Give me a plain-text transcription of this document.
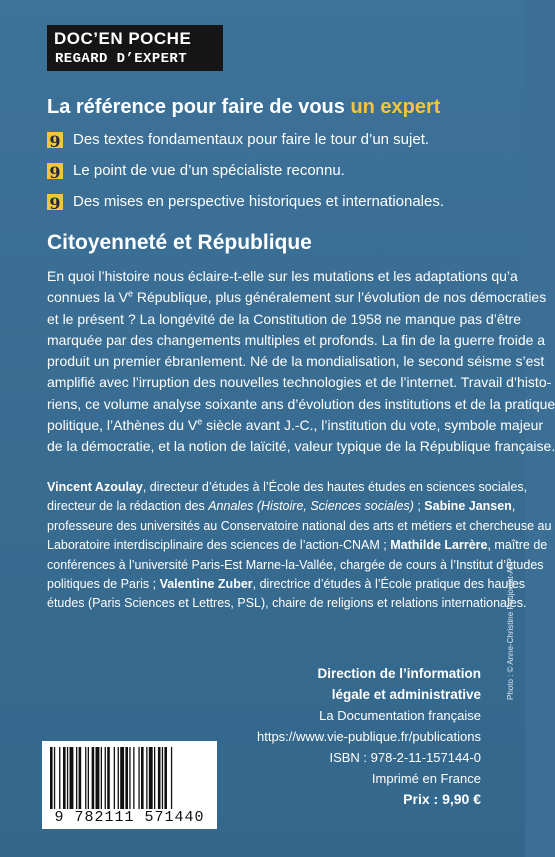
DOC’EN POCHE
REGARD D’EXPERT
La référence pour faire de vous un expert
9 Des textes fondamentaux pour faire le tour d’un sujet.
9 Le point de vue d’un spécialiste reconnu.
9 Des mises en perspective historiques et internationales.
Citoyenneté et République
En quoi l’histoire nous éclaire-t-elle sur les mutations et les adaptations qu’a
connues la Ve République, plus généralement sur l’évolution de nos démocraties
et le présent ? La longévité de la Constitution de 1958 ne manque pas d’être
marquée par des changements multiples et profonds. La fin de la guerre froide a
produit un premier ébranlement. Né de la mondialisation, le second séisme s’est
amplifié avec l’irruption des nouvelles technologies et de l’internet. Travail d’histo-
riens, ce volume analyse soixante ans d’évolution des institutions et de la pratique
politique, l’Athènes du Ve siècle avant J.-C., l’institution du vote, symbole majeur
de la démocratie, et la notion de laïcité, valeur typique de la République française.
Vincent Azoulay, directeur d’études à l’École des hautes études en sciences sociales,
directeur de la rédaction des Annales (Histoire, Sciences sociales) ; Sabine Jansen,
professeure des universités au Conservatoire national des arts et métiers et chercheuse au
Laboratoire interdisciplinaire des sciences de l’action-CNAM ; Mathilde Larrère, maître de
conférences à l’université Paris-Est Marne-la-Vallée, chargée de cours à l’Institut d’études
politiques de Paris ; Valentine Zuber, directrice d’études à l’École pratique des hautes
études (Paris Sciences et Lettres, PSL), chaire de religions et relations internationales.
Direction de l’information
légale et administrative
La Documentation française
https://www.vie-publique.fr/publications
ISBN : 978-2-11-157144-0
Imprimé en France
Prix : 9,90 €
9 782111 571440
Photo : © Anne-Christine Poujoulat-AFP
